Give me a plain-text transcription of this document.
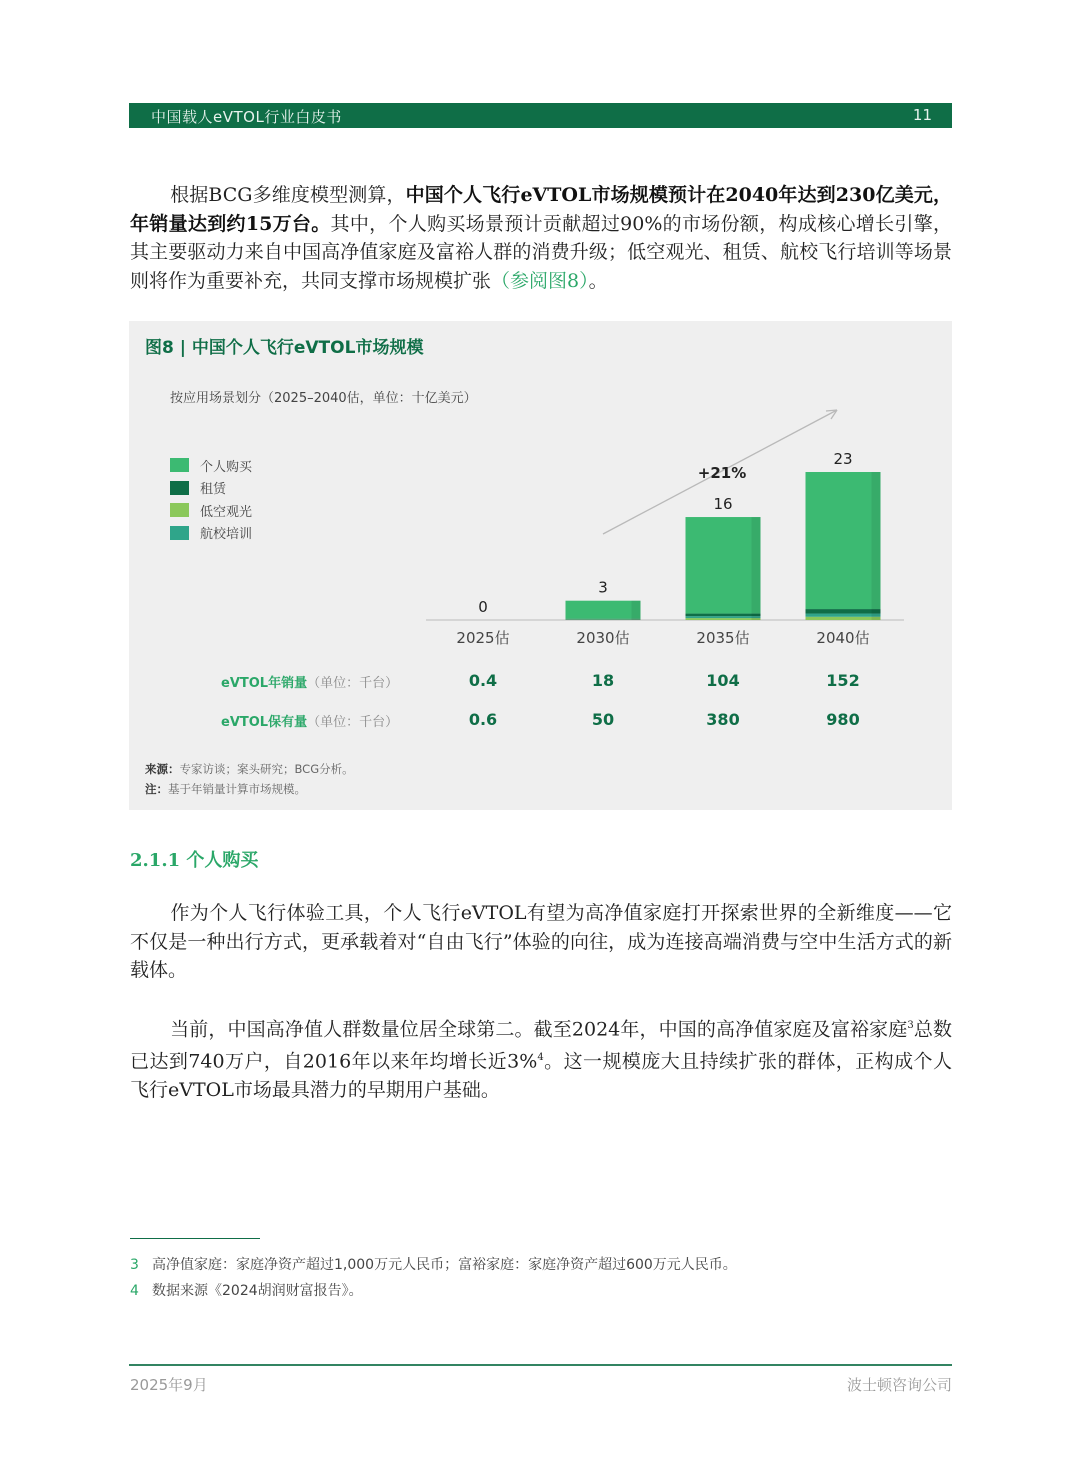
中国载人eVTOL行业白皮书	11

根据BCG多维度模型测算，中国个人飞行eVTOL市场规模预计在2040年达到230亿美元，年销量达到约15万台。其中，个人购买场景预计贡献超过90%的市场份额，构成核心增长引擎，其主要驱动力来自中国高净值家庭及富裕人群的消费升级；低空观光、租赁、航校飞行培训等场景则将作为重要补充，共同支撑市场规模扩张（参阅图8）。

图8 | 中国个人飞行eVTOL市场规模
按应用场景划分（2025–2040估，单位：十亿美元）
个人购买
租赁
低空观光
航校培训
+21%
0
2025估
3
2030估
16
2035估
23
2040估
eVTOL年销量（单位：千台）	0.4	18	104	152
eVTOL保有量（单位：千台）	0.6	50	380	980
来源：专家访谈；案头研究；BCG分析。
注：基于年销量计算市场规模。
2.1.1 个人购买

作为个人飞行体验工具，个人飞行eVTOL有望为高净值家庭打开探索世界的全新维度——它不仅是一种出行方式，更承载着对“自由飞行”体验的向往，成为连接高端消费与空中生活方式的新载体。

当前，中国高净值人群数量位居全球第二。截至2024年，中国的高净值家庭及富裕家庭$^3$总数已达到740万户，自2016年以来年均增长近3%$^4$。这一规模庞大且持续扩张的群体，正构成个人飞行eVTOL市场最具潜力的早期用户基础。

3 高净值家庭：家庭净资产超过1,000万元人民币；富裕家庭：家庭净资产超过600万元人民币。
4 数据来源《2024胡润财富报告》。
2025年9月	波士顿咨询公司
